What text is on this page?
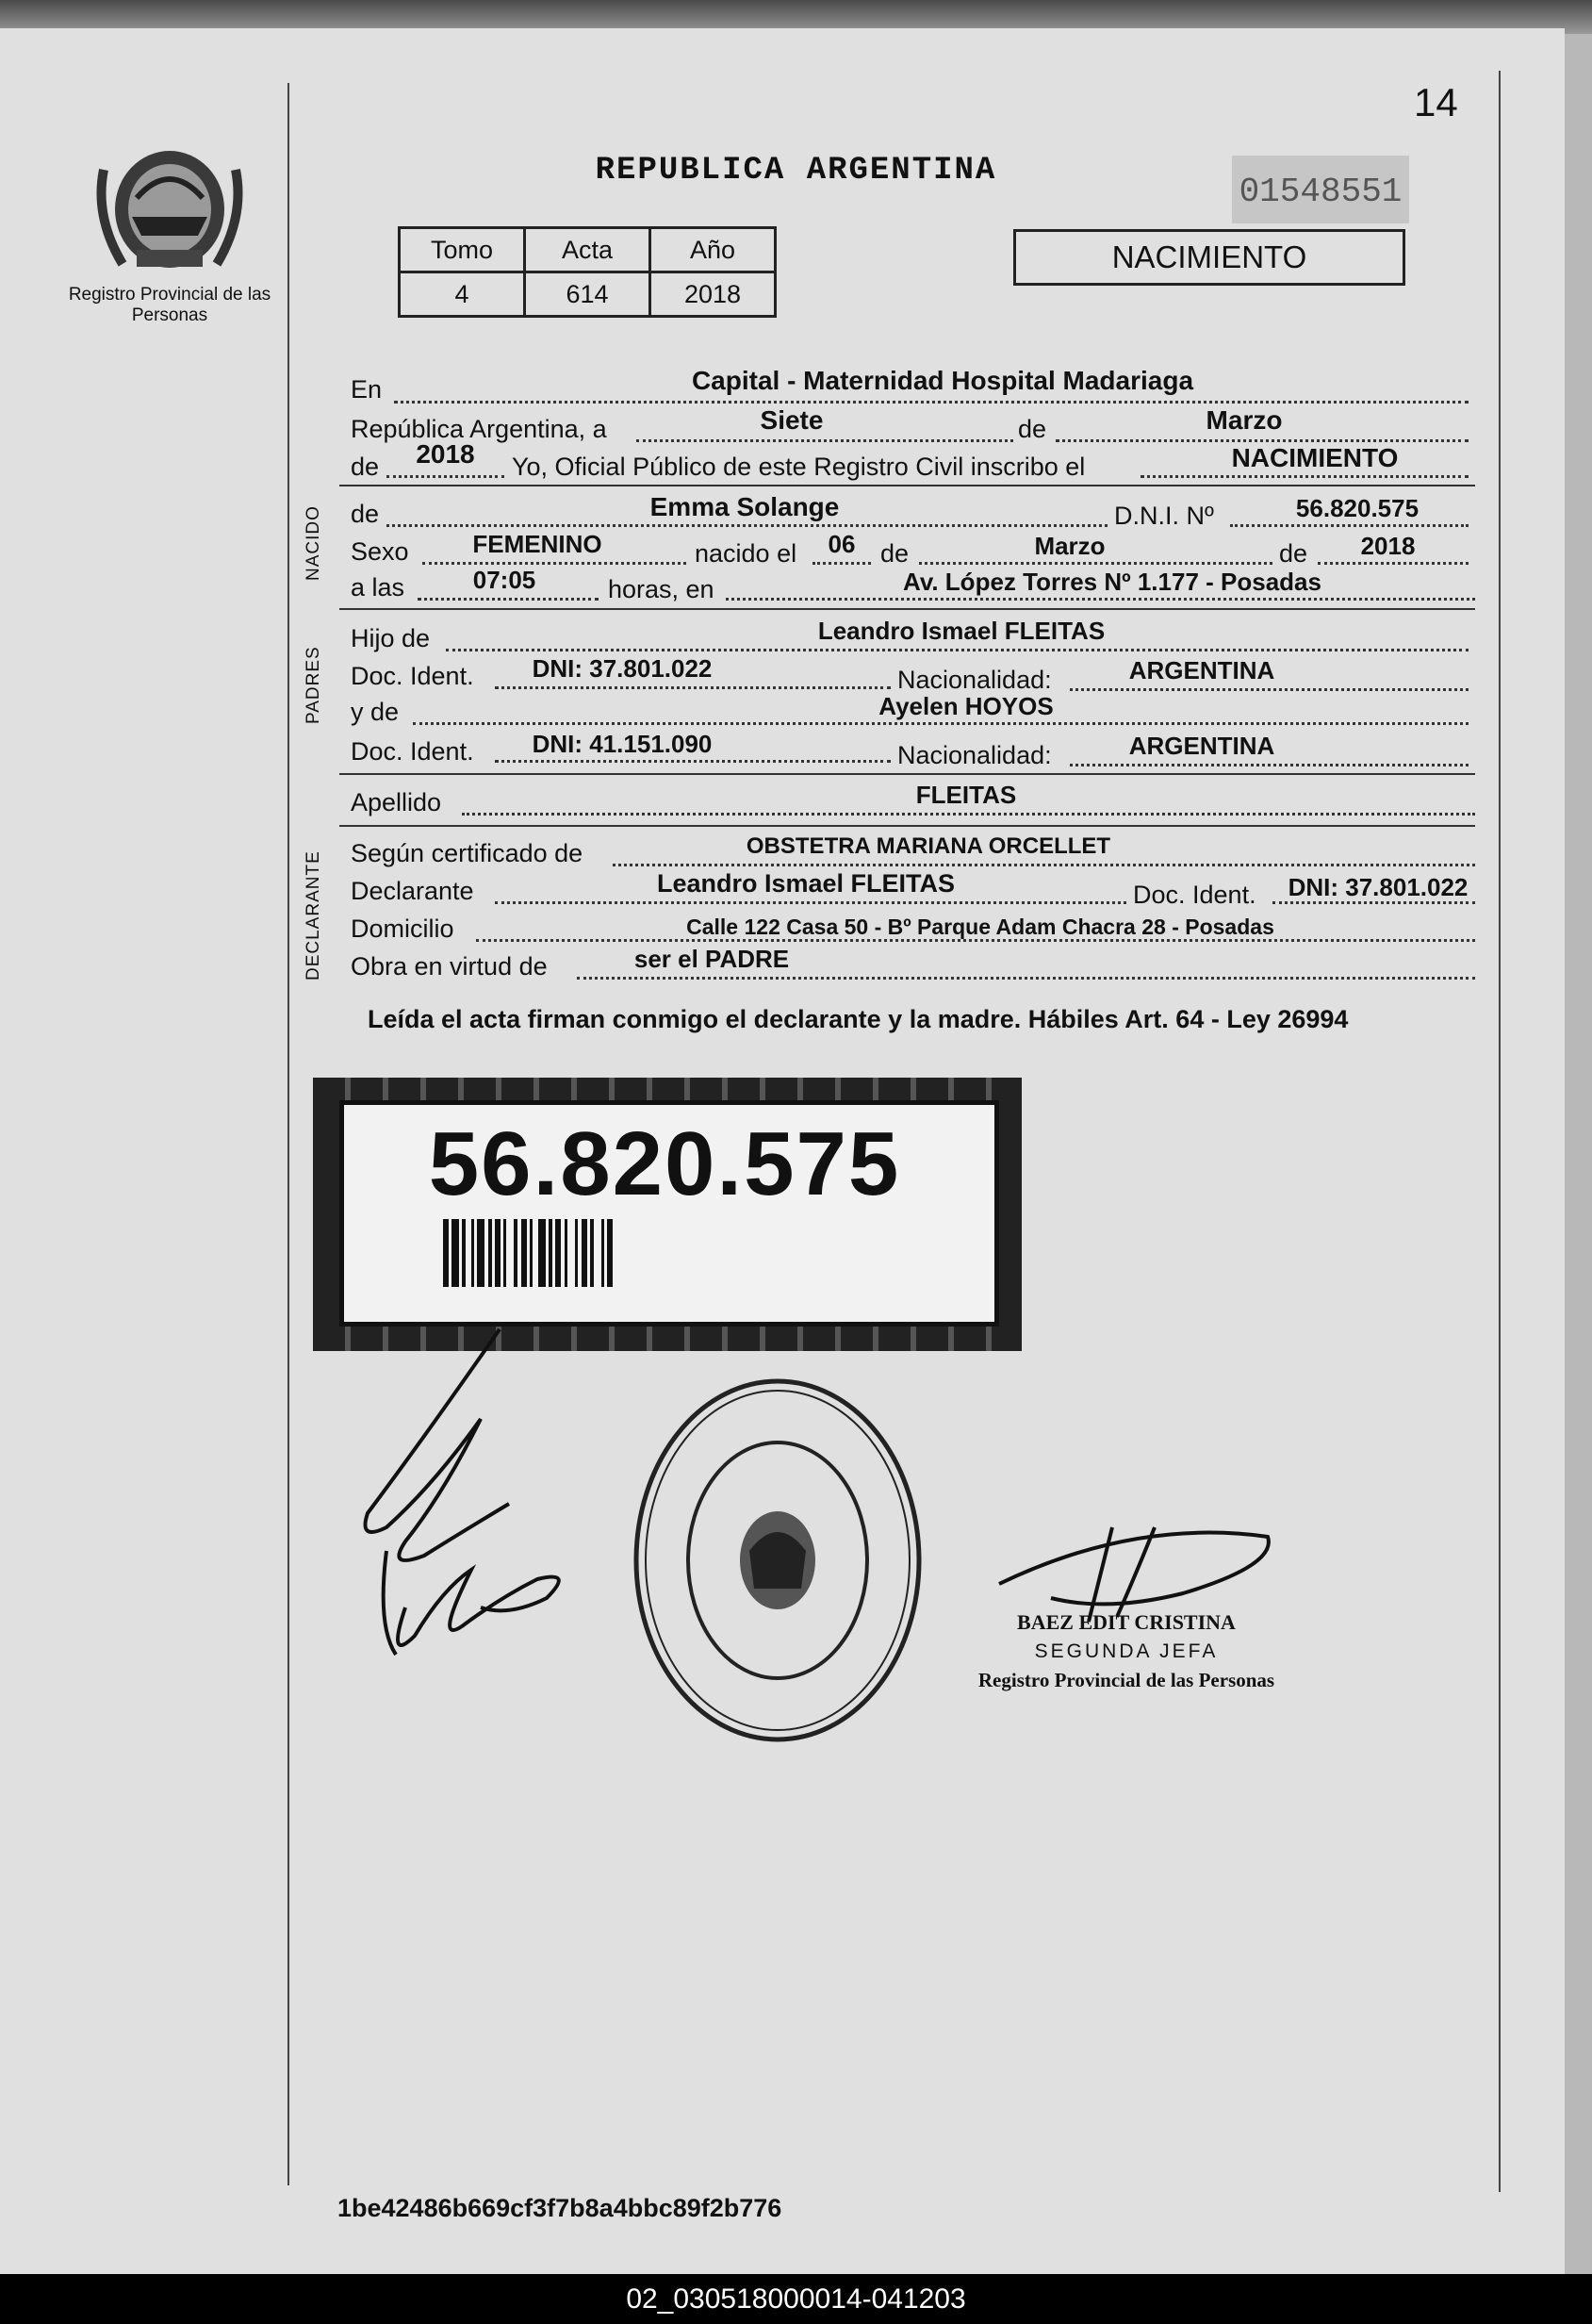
14
Registro Provincial de las Personas
REPUBLICA ARGENTINA
01548551
Tomo	Acta	Año
4	614	2018
NACIMIENTO
En	Capital - Maternidad Hospital Madariaga
República Argentina, a	Siete	de	Marzo
de	2018	Yo, Oficial Público de este Registro Civil inscribo el	NACIMIENTO
NACIDO de	Emma Solange	D.N.I. Nº	56.820.575
Sexo	FEMENINO	nacido el	06 de	Marzo	de	2018
a las	07:05	horas, en	Av. López Torres Nº 1.177 - Posadas
PADRES
Hijo de	Leandro Ismael FLEITAS
Doc. Ident.	DNI: 37.801.022	Nacionalidad:	ARGENTINA
y de	Ayelen HOYOS
Doc. Ident.	DNI: 41.151.090	Nacionalidad:	ARGENTINA
Apellido	FLEITAS
DECLARANTE Según certificado de	OBSTETRA MARIANA ORCELLET
Declarante	Leandro Ismael FLEITAS	Doc. Ident.	DNI: 37.801.022
Domicilio	Calle 122 Casa 50 - Bº Parque Adam Chacra 28 - Posadas
Obra en virtud de	ser el PADRE
Leída el acta firman conmigo el declarante y la madre. Hábiles Art. 64 - Ley 26994
56.820.575
BAEZ EDIT CRISTINA
SEGUNDA JEFA
Registro Provincial de las Personas
1be42486b669cf3f7b8a4bbc89f2b776
02_030518000014-041203
